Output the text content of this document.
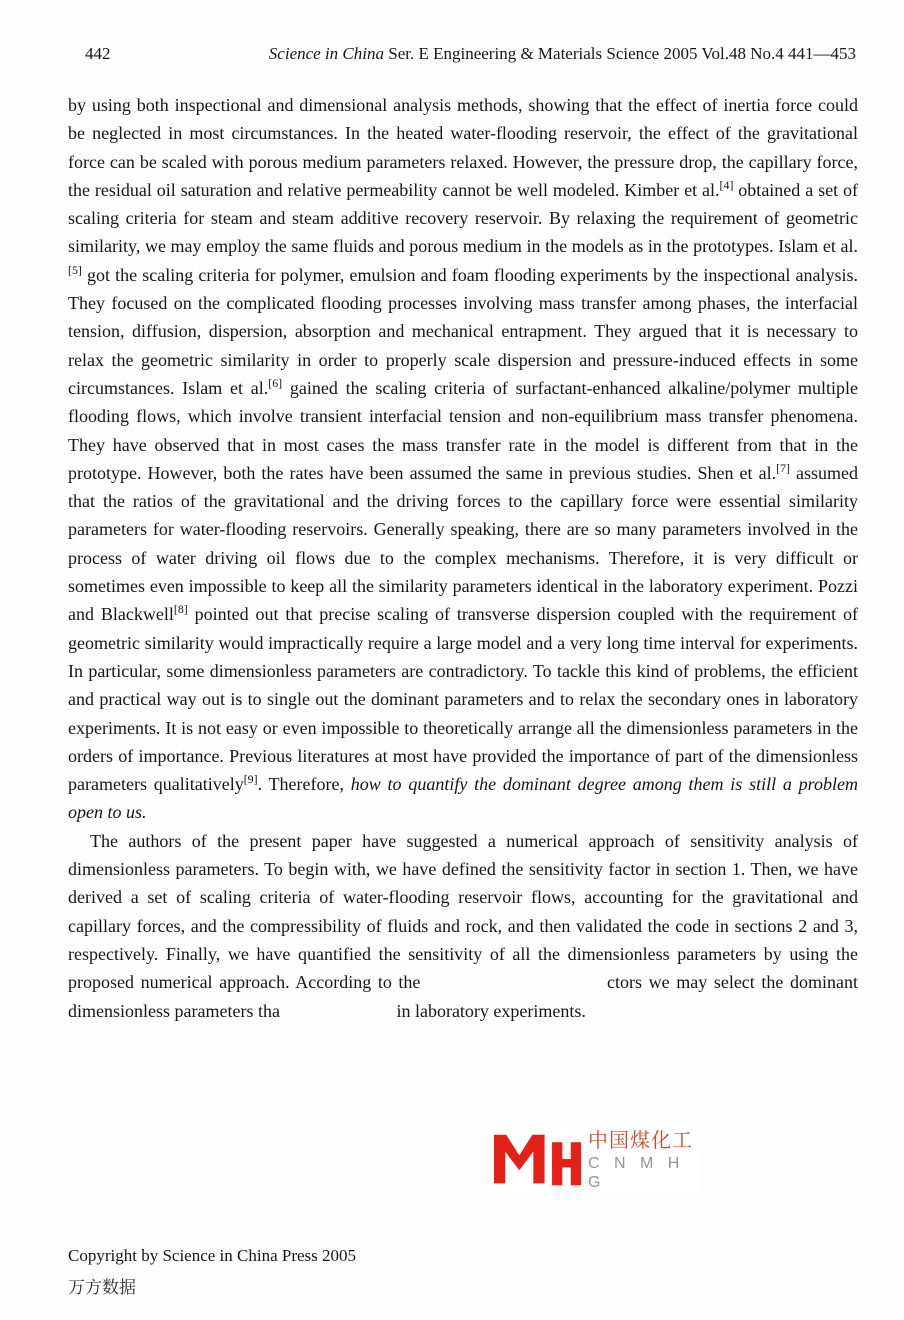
442	Science in China Ser. E Engineering & Materials Science 2005 Vol.48 No.4 441—453

by using both inspectional and dimensional analysis methods, showing that the effect of inertia force could be neglected in most circumstances. In the heated water-flooding reservoir, the effect of the gravitational force can be scaled with porous medium parameters relaxed. However, the pressure drop, the capillary force, the residual oil saturation and relative permeability cannot be well modeled. Kimber et al.[4] obtained a set of scaling criteria for steam and steam additive recovery reservoir. By relaxing the requirement of geometric similarity, we may employ the same fluids and porous medium in the models as in the prototypes. Islam et al.[5] got the scaling criteria for polymer, emulsion and foam flooding experiments by the inspectional analysis. They focused on the complicated flooding processes involving mass transfer among phases, the interfacial tension, diffusion, dispersion, absorption and mechanical entrapment. They argued that it is necessary to relax the geometric similarity in order to properly scale dispersion and pressure-induced effects in some circumstances. Islam et al.[6] gained the scaling criteria of surfactant-enhanced alkaline/polymer multiple flooding flows, which involve transient interfacial tension and non-equilibrium mass transfer phenomena. They have observed that in most cases the mass transfer rate in the model is different from that in the prototype. However, both the rates have been assumed the same in previous studies. Shen et al.[7] assumed that the ratios of the gravitational and the driving forces to the capillary force were essential similarity parameters for water-flooding reservoirs. Generally speaking, there are so many parameters involved in the process of water driving oil flows due to the complex mechanisms. Therefore, it is very difficult or sometimes even impossible to keep all the similarity parameters identical in the laboratory experiment. Pozzi and Blackwell[8] pointed out that precise scaling of transverse dispersion coupled with the requirement of geometric similarity would impractically require a large model and a very long time interval for experiments. In particular, some dimensionless parameters are contradictory. To tackle this kind of problems, the efficient and practical way out is to single out the dominant parameters and to relax the secondary ones in laboratory experiments. It is not easy or even impossible to theoretically arrange all the dimensionless parameters in the orders of importance. Previous literatures at most have provided the importance of part of the dimensionless parameters qualitatively[9]. Therefore, how to quantify the dominant degree among them is still a problem open to us.

The authors of the present paper have suggested a numerical approach of sensitivity analysis of dimensionless parameters. To begin with, we have defined the sensitivity factor in section 1. Then, we have derived a set of scaling criteria of water-flooding reservoir flows, accounting for the gravitational and capillary forces, and the compressibility of fluids and rock, and then validated the code in sections 2 and 3, respectively. Finally, we have quantified the sensitivity of all the dimensionless parameters by using the proposed numerical approach. According to the	ctors we may select the dominant dimensionless parameters tha	in laboratory experiments.

中国煤化工
C N M H G
Copyright by Science in China Press 2005
万方数据
